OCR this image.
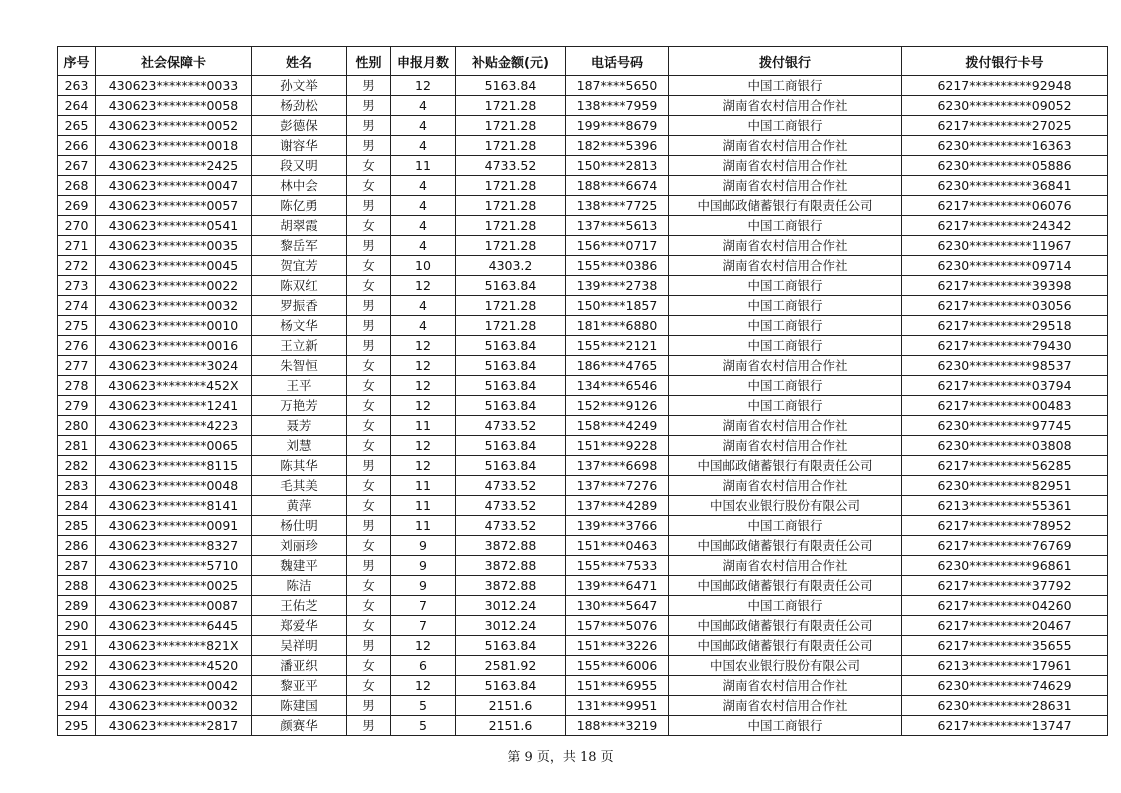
序号	社会保障卡	姓名	性别	申报月数	补贴金额(元)	电话号码	拨付银行	拨付银行卡号
263	430623********0033	孙文举	男	12	5163.84	187****5650	中国工商银行	6217**********92948
264	430623********0058	杨劲松	男	4	1721.28	138****7959	湖南省农村信用合作社	6230**********09052
265	430623********0052	彭德保	男	4	1721.28	199****8679	中国工商银行	6217**********27025
266	430623********0018	谢容华	男	4	1721.28	182****5396	湖南省农村信用合作社	6230**********16363
267	430623********2425	段又明	女	11	4733.52	150****2813	湖南省农村信用合作社	6230**********05886
268	430623********0047	林中会	女	4	1721.28	188****6674	湖南省农村信用合作社	6230**********36841
269	430623********0057	陈亿勇	男	4	1721.28	138****7725	中国邮政储蓄银行有限责任公司	6217**********06076
270	430623********0541	胡翠霞	女	4	1721.28	137****5613	中国工商银行	6217**********24342
271	430623********0035	黎岳军	男	4	1721.28	156****0717	湖南省农村信用合作社	6230**********11967
272	430623********0045	贺宜芳	女	10	4303.2	155****0386	湖南省农村信用合作社	6230**********09714
273	430623********0022	陈双红	女	12	5163.84	139****2738	中国工商银行	6217**********39398
274	430623********0032	罗振香	男	4	1721.28	150****1857	中国工商银行	6217**********03056
275	430623********0010	杨文华	男	4	1721.28	181****6880	中国工商银行	6217**********29518
276	430623********0016	王立新	男	12	5163.84	155****2121	中国工商银行	6217**********79430
277	430623********3024	朱智恒	女	12	5163.84	186****4765	湖南省农村信用合作社	6230**********98537
278	430623********452X	王平	女	12	5163.84	134****6546	中国工商银行	6217**********03794
279	430623********1241	万艳芳	女	12	5163.84	152****9126	中国工商银行	6217**********00483
280	430623********4223	聂芳	女	11	4733.52	158****4249	湖南省农村信用合作社	6230**********97745
281	430623********0065	刘慧	女	12	5163.84	151****9228	湖南省农村信用合作社	6230**********03808
282	430623********8115	陈其华	男	12	5163.84	137****6698	中国邮政储蓄银行有限责任公司	6217**********56285
283	430623********0048	毛其美	女	11	4733.52	137****7276	湖南省农村信用合作社	6230**********82951
284	430623********8141	黄萍	女	11	4733.52	137****4289	中国农业银行股份有限公司	6213**********55361
285	430623********0091	杨仕明	男	11	4733.52	139****3766	中国工商银行	6217**********78952
286	430623********8327	刘丽珍	女	9	3872.88	151****0463	中国邮政储蓄银行有限责任公司	6217**********76769
287	430623********5710	魏建平	男	9	3872.88	155****7533	湖南省农村信用合作社	6230**********96861
288	430623********0025	陈洁	女	9	3872.88	139****6471	中国邮政储蓄银行有限责任公司	6217**********37792
289	430623********0087	王佑芝	女	7	3012.24	130****5647	中国工商银行	6217**********04260
290	430623********6445	郑爱华	女	7	3012.24	157****5076	中国邮政储蓄银行有限责任公司	6217**********20467
291	430623********821X	吴祥明	男	12	5163.84	151****3226	中国邮政储蓄银行有限责任公司	6217**********35655
292	430623********4520	潘亚织	女	6	2581.92	155****6006	中国农业银行股份有限公司	6213**********17961
293	430623********0042	黎亚平	女	12	5163.84	151****6955	湖南省农村信用合作社	6230**********74629
294	430623********0032	陈建国	男	5	2151.6	131****9951	湖南省农村信用合作社	6230**********28631
295	430623********2817	颜赛华	男	5	2151.6	188****3219	中国工商银行	6217**********13747
第 9 页，共 18 页
